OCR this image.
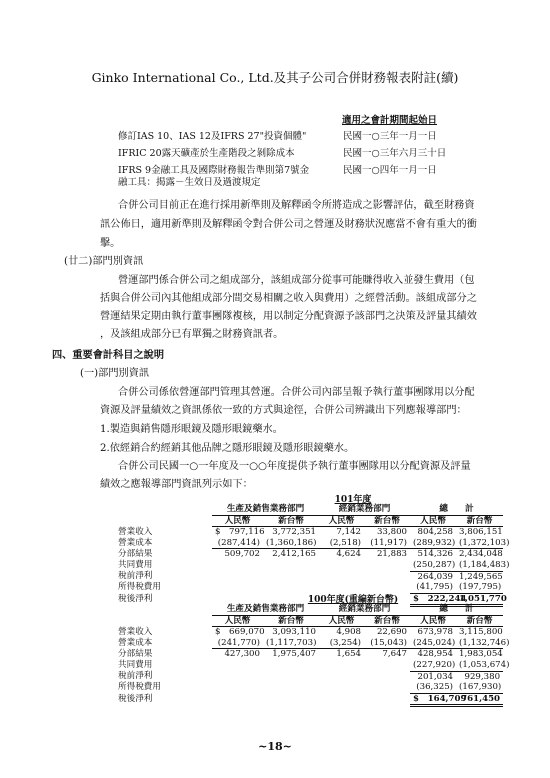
Ginko International Co., Ltd.及其子公司合併財務報表附註(續)
適用之會計期間起始日
修訂IAS 10、IAS 12及IFRS 27"投資個體"	民國一○三年一月一日
IFRIC 20露天礦產於生產階段之剝除成本	民國一○三年六月三十日
IFRS 9金融工具及國際財務報告準則第7號金
融工具：揭露－生效日及過渡規定
民國一○四年一月一日
合併公司目前正在進行採用新準則及解釋函令所將造成之影響評估，截至財務資
訊公佈日，適用新準則及解釋函令對合併公司之營運及財務狀況應當不會有重大的衝
擊。
(廿二)部門別資訊
營運部門係合併公司之組成部分，該組成部分從事可能賺得收入並發生費用（包
括與合併公司內其他組成部分間交易相關之收入與費用）之經營活動。該組成部分之
營運結果定期由執行董事團隊複核，用以制定分配資源予該部門之決策及評量其績效
，及該組成部分已有單獨之財務資訊者。
四、重要會計科目之說明
(一)部門別資訊
合併公司係依營運部門管理其營運。合併公司內部呈報予執行董事團隊用以分配
資源及評量績效之資訊係依一致的方式與途徑，合併公司辨識出下列應報導部門：
1.製造與銷售隱形眼鏡及隱形眼鏡藥水。
2.依經銷合約經銷其他品牌之隱形眼鏡及隱形眼鏡藥水。
合併公司民國一○一年度及一○○年度提供予執行董事團隊用以分配資源及評量
績效之應報導部門資訊列示如下：
101年度
	生產及銷售業務部門		經銷業務部門		總　　計	
	人民幣	新台幣	人民幣	新台幣	人民幣	新台幣
營業收入	$　797,116	3,772,351	7,142	33,800	804,258	3,806,151
營業成本	(287,414)	(1,360,186)	(2,518)	(11,917)	(289,932)	(1,372,103)
分部結果	509,702	2,412,165	4,624	21,883	514,326	2,434,048
共同費用					(250,287)	(1,184,483)
稅前淨利					264,039	1,249,565
所得稅費用					(41,795)	(197,795)
稅後淨利					$　222,244	1,051,770
100年度(重編新台幣)
	生產及銷售業務部門		經銷業務部門		總　　計	
	人民幣	新台幣	人民幣	新台幣	人民幣	新台幣
營業收入	$　669,070	3,093,110	4,908	22,690	673,978	3,115,800
營業成本	(241,770)	(1,117,703)	(3,254)	(15,043)	(245,024)	(1,132,746)
分部結果	427,300	1,975,407	1,654	7,647	428,954	1,983,054
共同費用					(227,920)	(1,053,674)
稅前淨利					201,034	929,380
所得稅費用					(36,325)	(167,930)
稅後淨利					$　164,709	761,450
~18~
